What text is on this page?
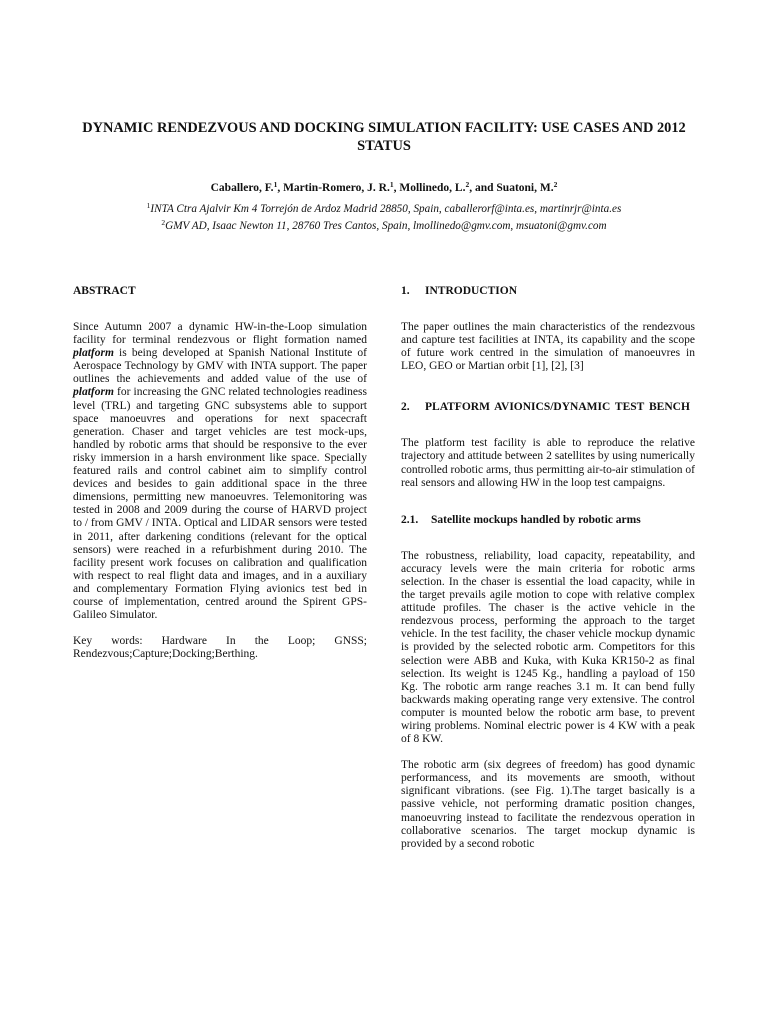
DYNAMIC RENDEZVOUS AND DOCKING SIMULATION FACILITY: USE CASES AND 2012 STATUS
Caballero, F.$^1$, Martin-Romero, J. R.$^1$, Mollinedo, L.$^2$, and Suatoni, M.$^2$
$^1$INTA Ctra Ajalvir Km 4 Torrejón de Ardoz Madrid 28850, Spain, caballerorf@inta.es, martinrjr@inta.es
$^2$GMV AD, Isaac Newton 11, 28760 Tres Cantos, Spain, lmollinedo@gmv.com, msuatoni@gmv.com

ABSTRACT

Since Autumn 2007 a dynamic HW-in-the-Loop simulation facility for terminal rendezvous or flight formation named platform is being developed at Spanish National Institute of Aerospace Technology by GMV with INTA support. The paper outlines the achievements and added value of the use of platform for increasing the GNC related technologies readiness level (TRL) and targeting GNC subsystems able to support space manoeuvres and operations for next spacecraft generation. Chaser and target vehicles are test mock-ups, handled by robotic arms that should be responsive to the ever risky immersion in a harsh environment like space. Specially featured rails and control cabinet aim to simplify control devices and besides to gain additional space in the three dimensions, permitting new manoeuvres. Telemonitoring was tested in 2008 and 2009 during the course of HARVD project to / from GMV / INTA. Optical and LIDAR sensors were tested in 2011, after darkening conditions (relevant for the optical sensors) were reached in a refurbishment during 2010. The facility present work focuses on calibration and qualification with respect to real flight data and images, and in a auxiliary and complementary Formation Flying avionics test bed in course of implementation, centred around the Spirent GPS-Galileo Simulator.

Key words: Hardware In the Loop; GNSS; Rendezvous;Capture;Docking;Berthing.

1. INTRODUCTION

The paper outlines the main characteristics of the rendezvous and capture test facilities at INTA, its capability and the scope of future work centred in the simulation of manoeuvres in LEO, GEO or Martian orbit [1], [2], [3]

2.	PLATFORM AVIONICS/DYNAMIC TEST BENCH

The platform test facility is able to reproduce the relative trajectory and attitude between 2 satellites by using numerically controlled robotic arms, thus permitting air-to-air stimulation of real sensors and allowing HW in the loop test campaigns.

2.1. Satellite mockups handled by robotic arms

The robustness, reliability, load capacity, repeatability, and accuracy levels were the main criteria for robotic arms selection. In the chaser is essential the load capacity, while in the target prevails agile motion to cope with relative complex attitude profiles. The chaser is the active vehicle in the rendezvous process, performing the approach to the target vehicle. In the test facility, the chaser vehicle mockup dynamic is provided by the selected robotic arm. Competitors for this selection were ABB and Kuka, with Kuka KR150-2 as final selection. Its weight is 1245 Kg., handling a payload of 150 Kg. The robotic arm range reaches 3.1 m. It can bend fully backwards making operating range very extensive. The control computer is mounted below the robotic arm base, to prevent wiring problems. Nominal electric power is 4 KW with a peak of 8 KW.

The robotic arm (six degrees of freedom) has good dynamic performancess, and its movements are smooth, without significant vibrations. (see Fig. 1).The target basically is a passive vehicle, not performing dramatic position changes, manoeuvring instead to facilitate the rendezvous operation in collaborative scenarios. The target mockup dynamic is provided by a second robotic
